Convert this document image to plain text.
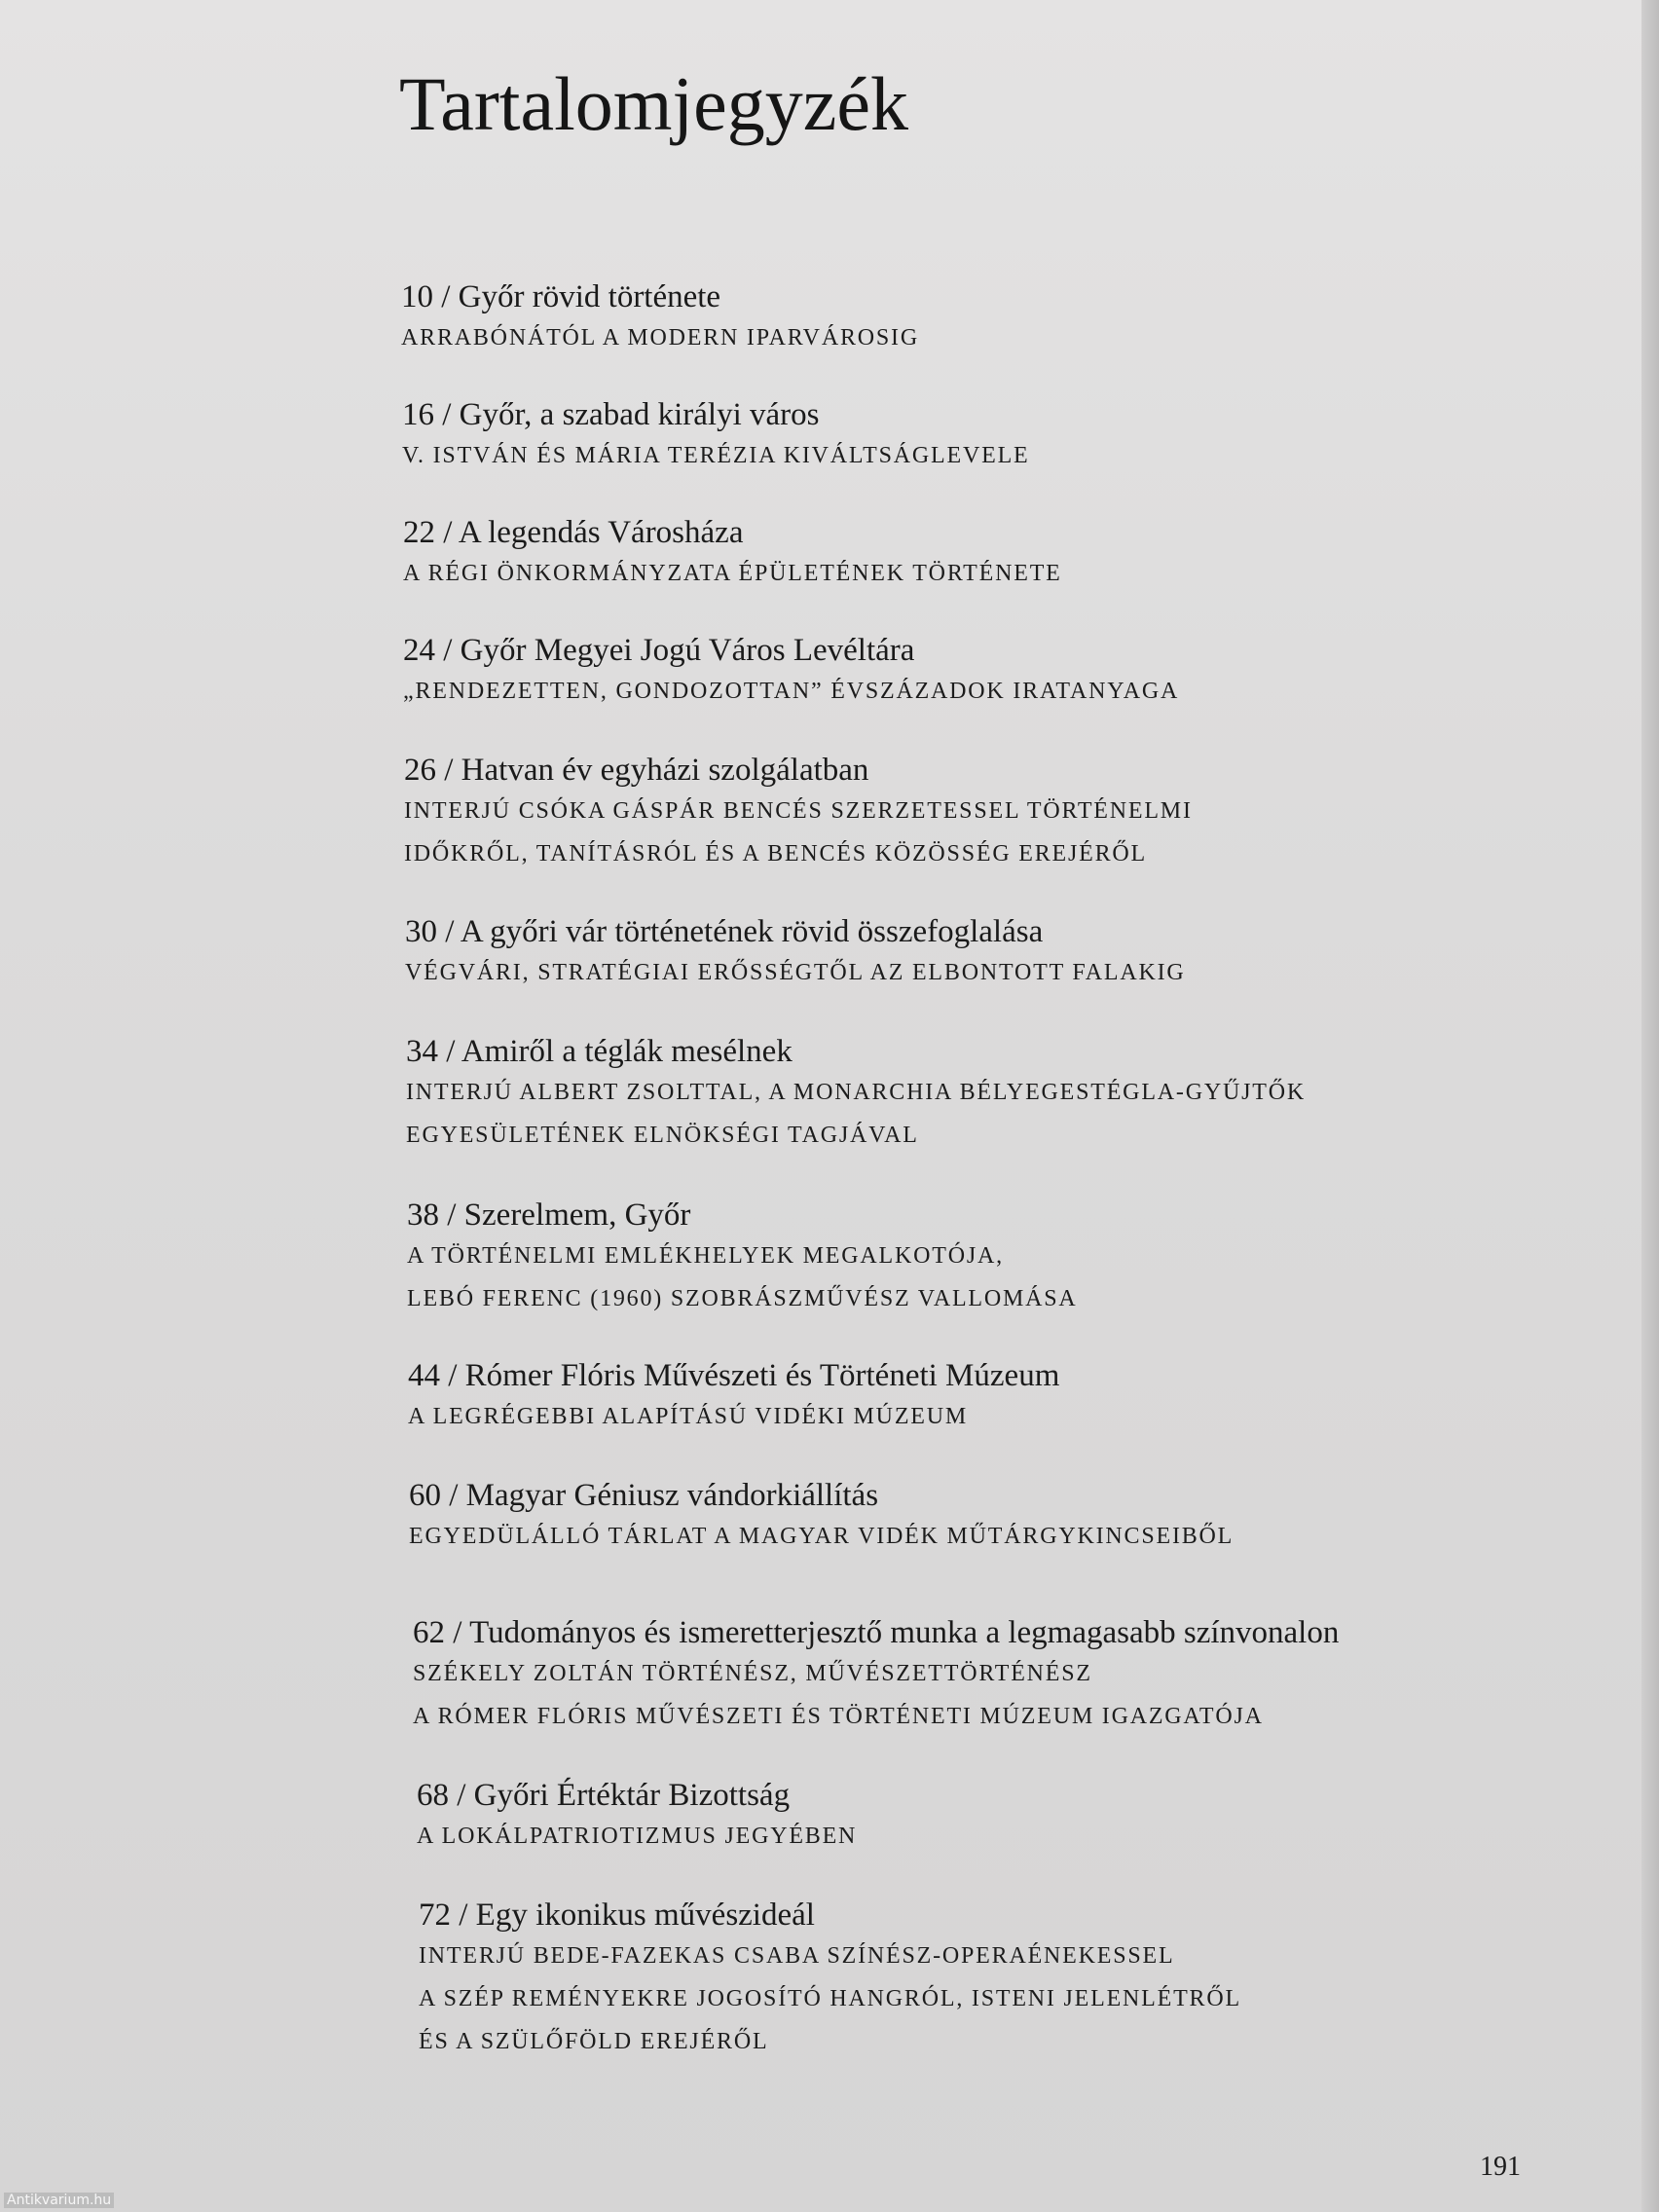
Tartalomjegyzék
10 / Győr rövid története
ARRABÓNÁTÓL A MODERN IPARVÁROSIG
16 / Győr, a szabad királyi város
V. ISTVÁN ÉS MÁRIA TERÉZIA KIVÁLTSÁGLEVELE
22 / A legendás Városháza
A RÉGI ÖNKORMÁNYZATA ÉPÜLETÉNEK TÖRTÉNETE
24 / Győr Megyei Jogú Város Levéltára
„RENDEZETTEN, GONDOZOTTAN” ÉVSZÁZADOK IRATANYAGA
26 / Hatvan év egyházi szolgálatban
INTERJÚ CSÓKA GÁSPÁR BENCÉS SZERZETESSEL TÖRTÉNELMI
IDŐKRŐL, TANÍTÁSRÓL ÉS A BENCÉS KÖZÖSSÉG EREJÉRŐL
30 / A győri vár történetének rövid összefoglalása
VÉGVÁRI, STRATÉGIAI ERŐSSÉGTŐL AZ ELBONTOTT FALAKIG
34 / Amiről a téglák mesélnek
INTERJÚ ALBERT ZSOLTTAL, A MONARCHIA BÉLYEGESTÉGLA-GYŰJTŐK
EGYESÜLETÉNEK ELNÖKSÉGI TAGJÁVAL
38 / Szerelmem, Győr
A TÖRTÉNELMI EMLÉKHELYEK MEGALKOTÓJA,
LEBÓ FERENC (1960) SZOBRÁSZMŰVÉSZ VALLOMÁSA
44 / Rómer Flóris Művészeti és Történeti Múzeum
A LEGRÉGEBBI ALAPÍTÁSÚ VIDÉKI MÚZEUM
60 / Magyar Géniusz vándorkiállítás
EGYEDÜLÁLLÓ TÁRLAT A MAGYAR VIDÉK MŰTÁRGYKINCSEIBŐL
62 / Tudományos és ismeretterjesztő munka a legmagasabb színvonalon
SZÉKELY ZOLTÁN TÖRTÉNÉSZ, MŰVÉSZETTÖRTÉNÉSZ
A RÓMER FLÓRIS MŰVÉSZETI ÉS TÖRTÉNETI MÚZEUM IGAZGATÓJA
68 / Győri Értéktár Bizottság
A LOKÁLPATRIOTIZMUS JEGYÉBEN
72 / Egy ikonikus művészideál
INTERJÚ BEDE-FAZEKAS CSABA SZÍNÉSZ-OPERAÉNEKESSEL
A SZÉP REMÉNYEKRE JOGOSÍTÓ HANGRÓL, ISTENI JELENLÉTRŐL
ÉS A SZÜLŐFÖLD EREJÉRŐL
191
Antikvarium.hu
